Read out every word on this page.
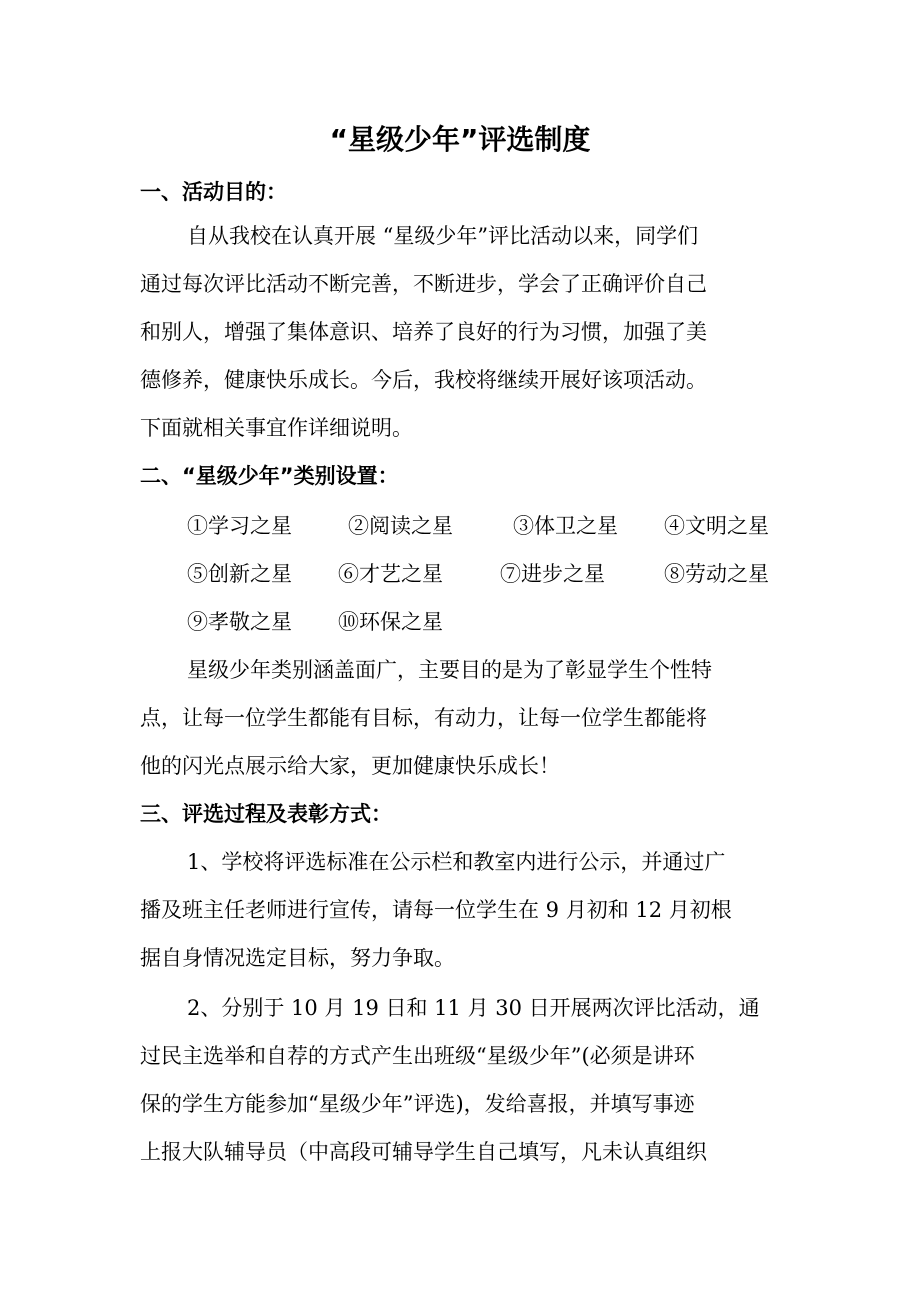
“星级少年”评选制度
一、活动目的：
自从我校在认真开展 “星级少年”评比活动以来，同学们
通过每次评比活动不断完善，不断进步，学会了正确评价自己
和别人，增强了集体意识、培养了良好的行为习惯，加强了美
德修养，健康快乐成长。今后，我校将继续开展好该项活动。
下面就相关事宜作详细说明。
二、“星级少年”类别设置：
①学习之星	②阅读之星	③体卫之星 ④文明之星
⑤创新之星 ⑥才艺之星	⑦进步之星	⑧劳动之星
⑨孝敬之星 ⑩环保之星
星级少年类别涵盖面广，主要目的是为了彰显学生个性特
点，让每一位学生都能有目标，有动力，让每一位学生都能将
他的闪光点展示给大家，更加健康快乐成长！
三、评选过程及表彰方式：
1、学校将评选标准在公示栏和教室内进行公示，并通过广
播及班主任老师进行宣传，请每一位学生在 9 月初和 12 月初根
据自身情况选定目标，努力争取。
2、分别于 10 月 19 日和 11 月 30 日开展两次评比活动，通
过民主选举和自荐的方式产生出班级“星级少年”(必须是讲环
保的学生方能参加“星级少年”评选)，发给喜报，并填写事迹
上报大队辅导员（中高段可辅导学生自己填写，凡未认真组织
